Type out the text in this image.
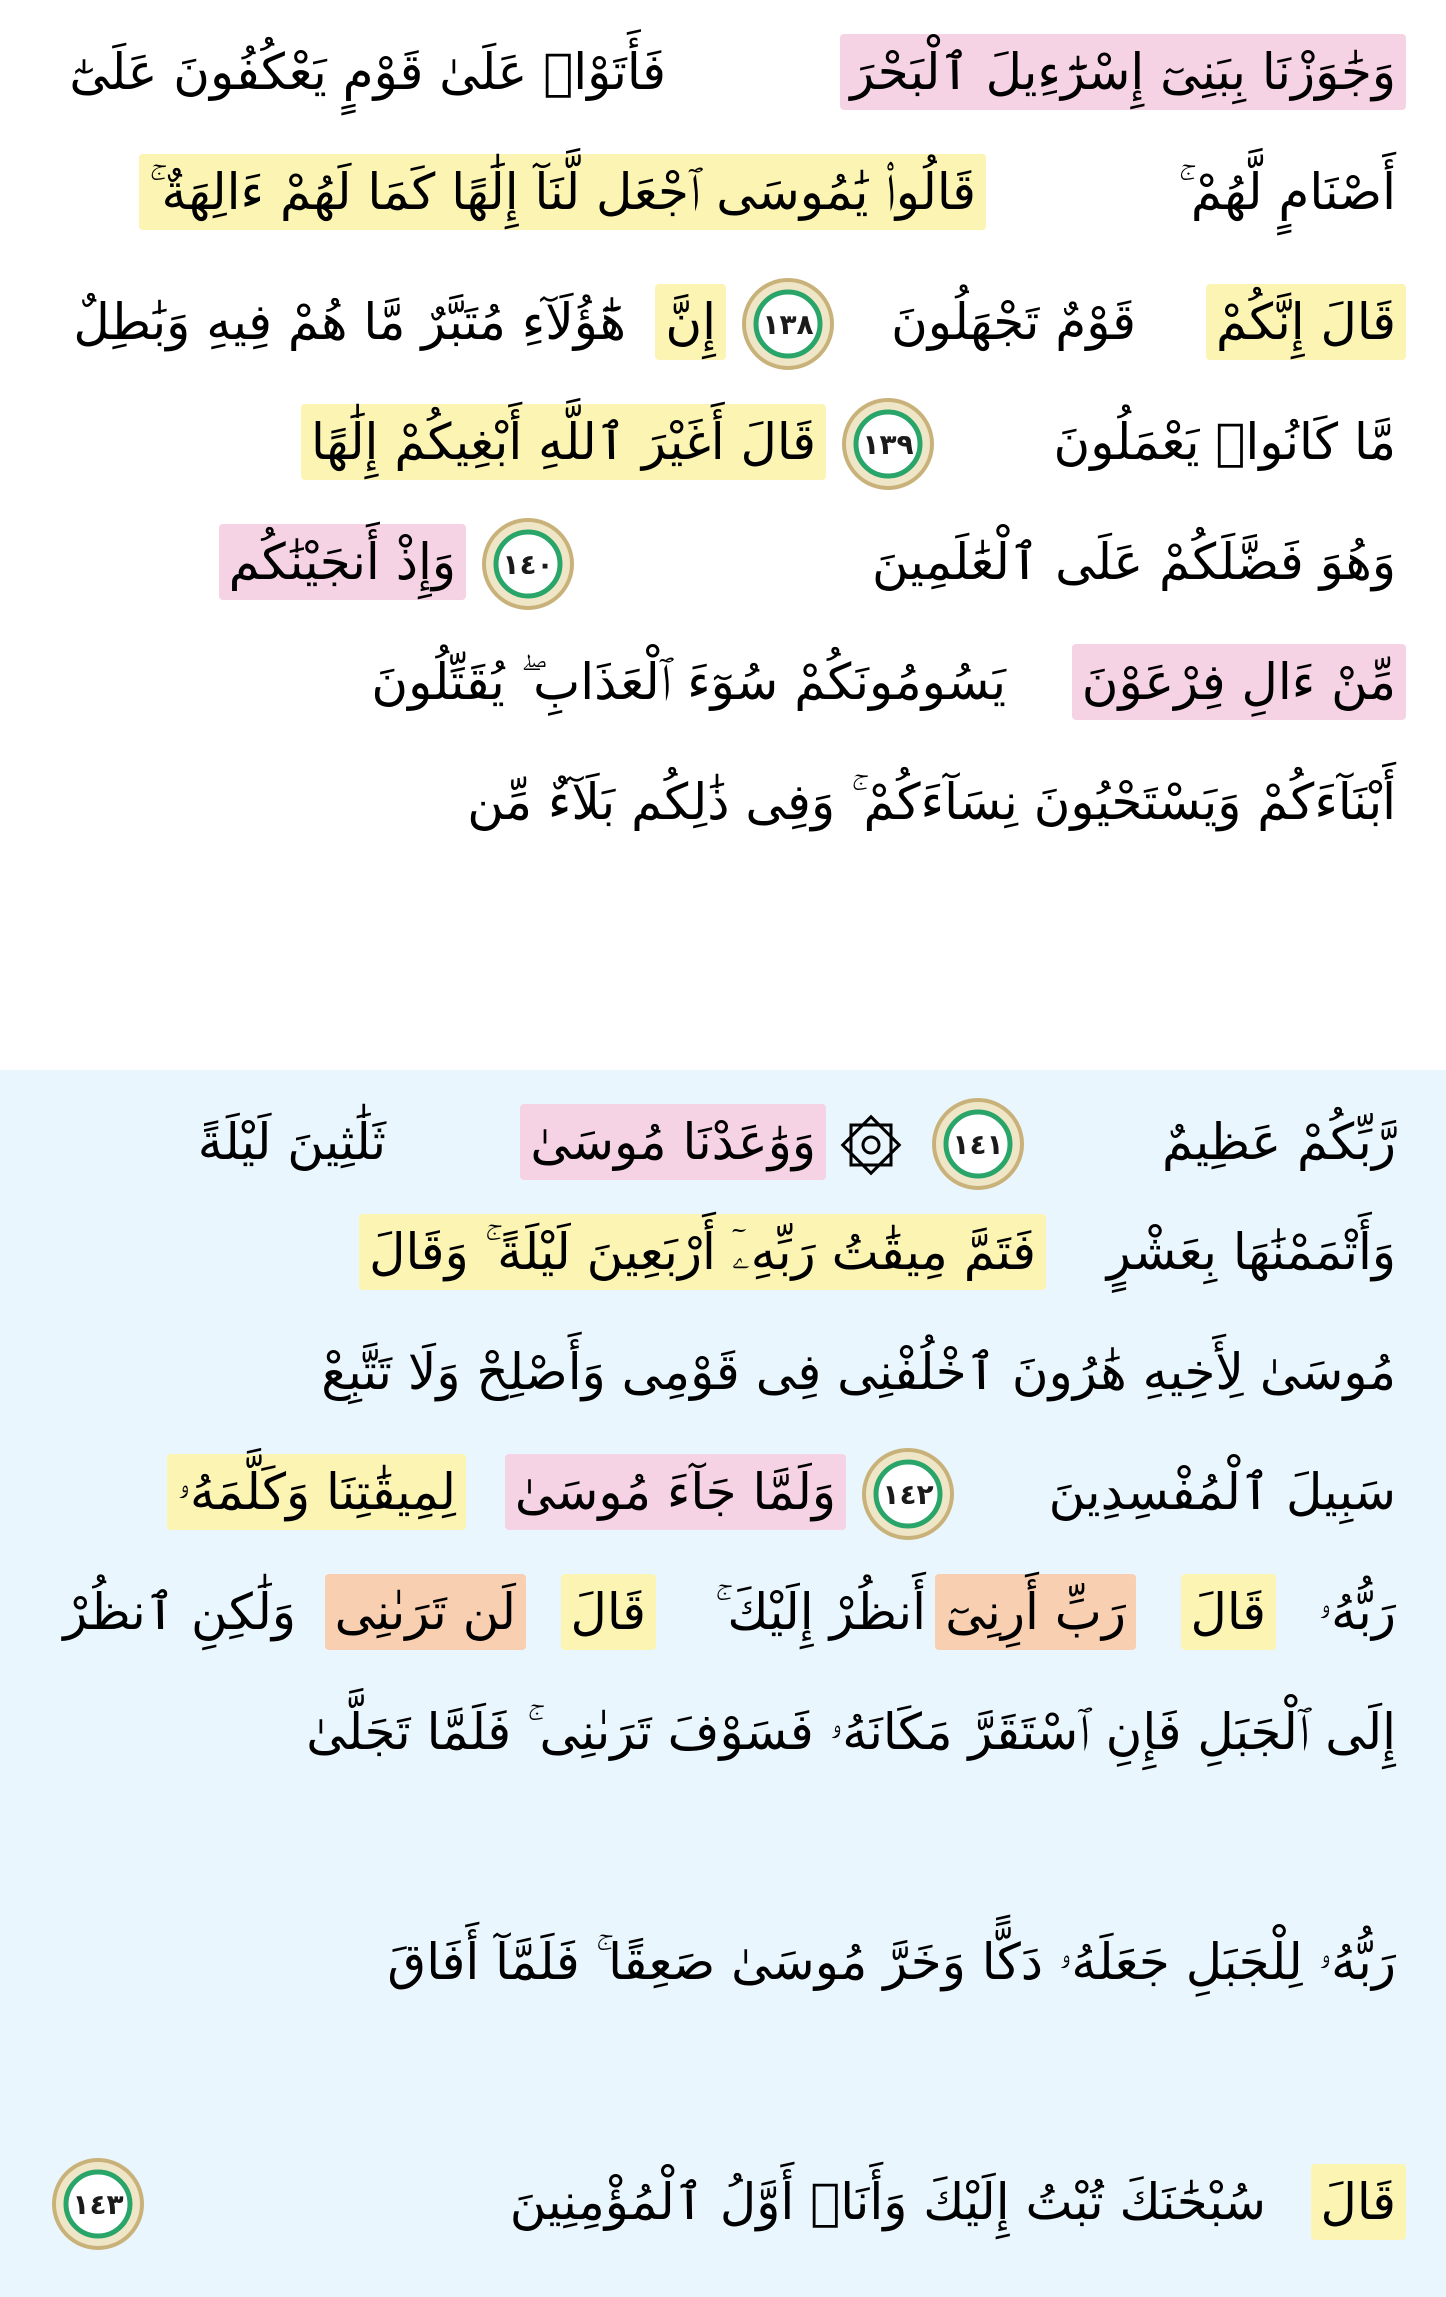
وَجَٰوَزْنَا بِبَنِىٓ إِسْرَٰٓءِيلَ ٱلْبَحْرَ
فَأَتَوْا۟ عَلَىٰ قَوْمٍ يَعْكُفُونَ عَلَىٰٓ
أَصْنَامٍ لَّهُمْ ۚ
قَالُوا۟ يَٰمُوسَى ٱجْعَل لَّنَآ إِلَٰهًا كَمَا لَهُمْ ءَالِهَةٌ ۚ
قَالَ إِنَّكُمْ
قَوْمٌ تَجْهَلُونَ
١٣٨
إِنَّ
هَٰٓؤُلَآءِ مُتَبَّرٌ مَّا هُمْ فِيهِ وَبَٰطِلٌ
مَّا كَانُوا۟ يَعْمَلُونَ
١٣٩
قَالَ أَغَيْرَ ٱللَّهِ أَبْغِيكُمْ إِلَٰهًا
وَهُوَ فَضَّلَكُمْ عَلَى ٱلْعَٰلَمِينَ
١٤٠
وَإِذْ أَنجَيْنَٰكُم
مِّنْ ءَالِ فِرْعَوْنَ
يَسُومُونَكُمْ سُوٓءَ ٱلْعَذَابِ ۖ يُقَتِّلُونَ
أَبْنَآءَكُمْ وَيَسْتَحْيُونَ نِسَآءَكُمْ ۚ وَفِى ذَٰلِكُم بَلَآءٌ مِّن
رَّبِّكُمْ عَظِيمٌ
١٤١
وَوَٰعَدْنَا مُوسَىٰ
ثَلَٰثِينَ لَيْلَةً
وَأَتْمَمْنَٰهَا بِعَشْرٍ
فَتَمَّ مِيقَٰتُ رَبِّهِۦٓ أَرْبَعِينَ لَيْلَةً ۚ وَقَالَ
مُوسَىٰ لِأَخِيهِ هَٰرُونَ ٱخْلُفْنِى فِى قَوْمِى وَأَصْلِحْ وَلَا تَتَّبِعْ
سَبِيلَ ٱلْمُفْسِدِينَ
١٤٢
وَلَمَّا جَآءَ مُوسَىٰ
لِمِيقَٰتِنَا وَكَلَّمَهُۥ
رَبُّهُۥ
قَالَ
رَبِّ أَرِنِىٓ
أَنظُرْ إِلَيْكَ ۚ
قَالَ
لَن تَرَىٰنِى
وَلَٰكِنِ ٱنظُرْ
إِلَى ٱلْجَبَلِ فَإِنِ ٱسْتَقَرَّ مَكَانَهُۥ فَسَوْفَ تَرَىٰنِى ۚ فَلَمَّا تَجَلَّىٰ
رَبُّهُۥ لِلْجَبَلِ جَعَلَهُۥ دَكًّا وَخَرَّ مُوسَىٰ صَعِقًا ۚ فَلَمَّآ أَفَاقَ
قَالَ
سُبْحَٰنَكَ تُبْتُ إِلَيْكَ وَأَنَا۠ أَوَّلُ ٱلْمُؤْمِنِينَ
١٤٣
